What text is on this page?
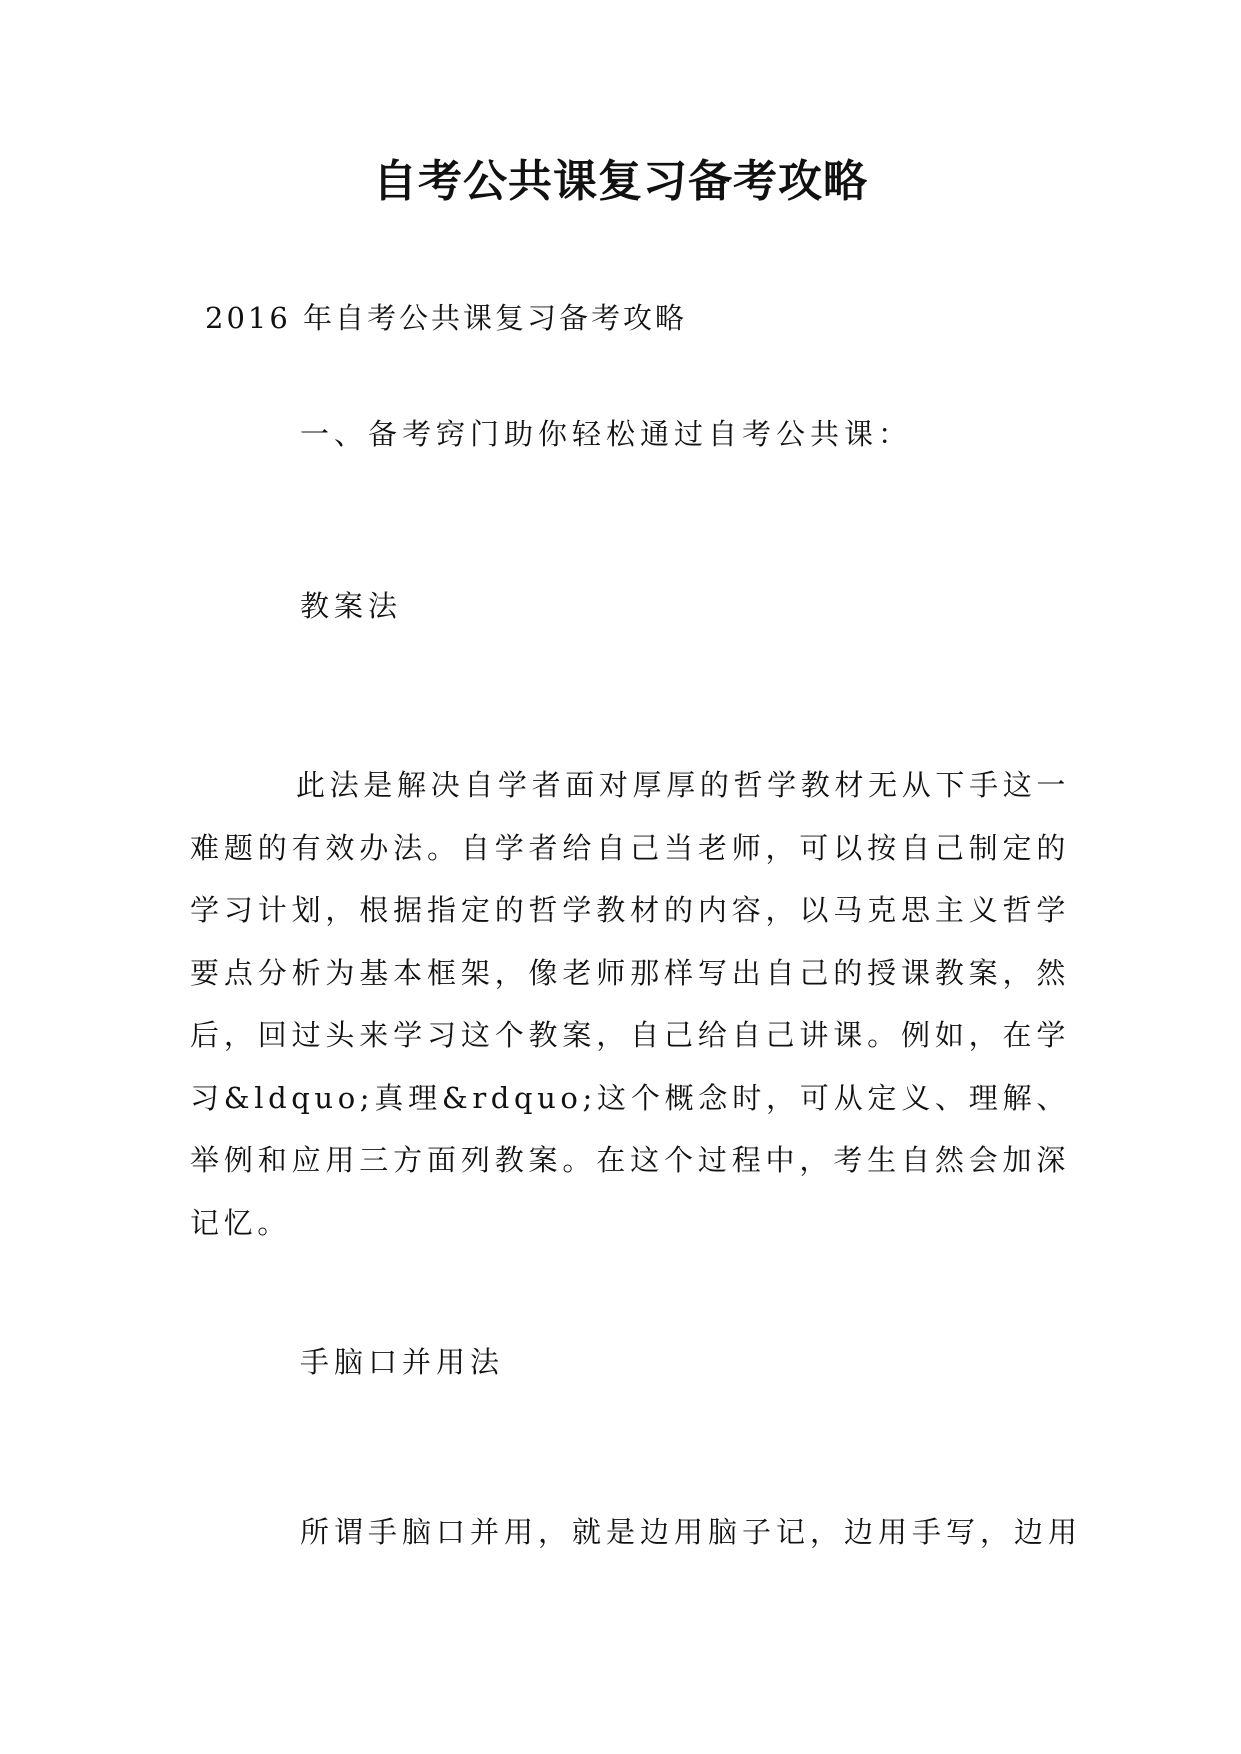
自考公共课复习备考攻略
2016 年自考公共课复习备考攻略
一、备考窍门助你轻松通过自考公共课：
教案法
此法是解决自学者面对厚厚的哲学教材无从下手这一难题的有效办法。自学者给自己当老师，可以按自己制定的学习计划，根据指定的哲学教材的内容，以马克思主义哲学要点分析为基本框架，像老师那样写出自己的授课教案，然后，回过头来学习这个教案，自己给自己讲课。例如，在学习&ldquo;真理&rdquo;这个概念时，可从定义、理解、举例和应用三方面列教案。在这个过程中，考生自然会加深记忆。
手脑口并用法
所谓手脑口并用，就是边用脑子记，边用手写，边用
